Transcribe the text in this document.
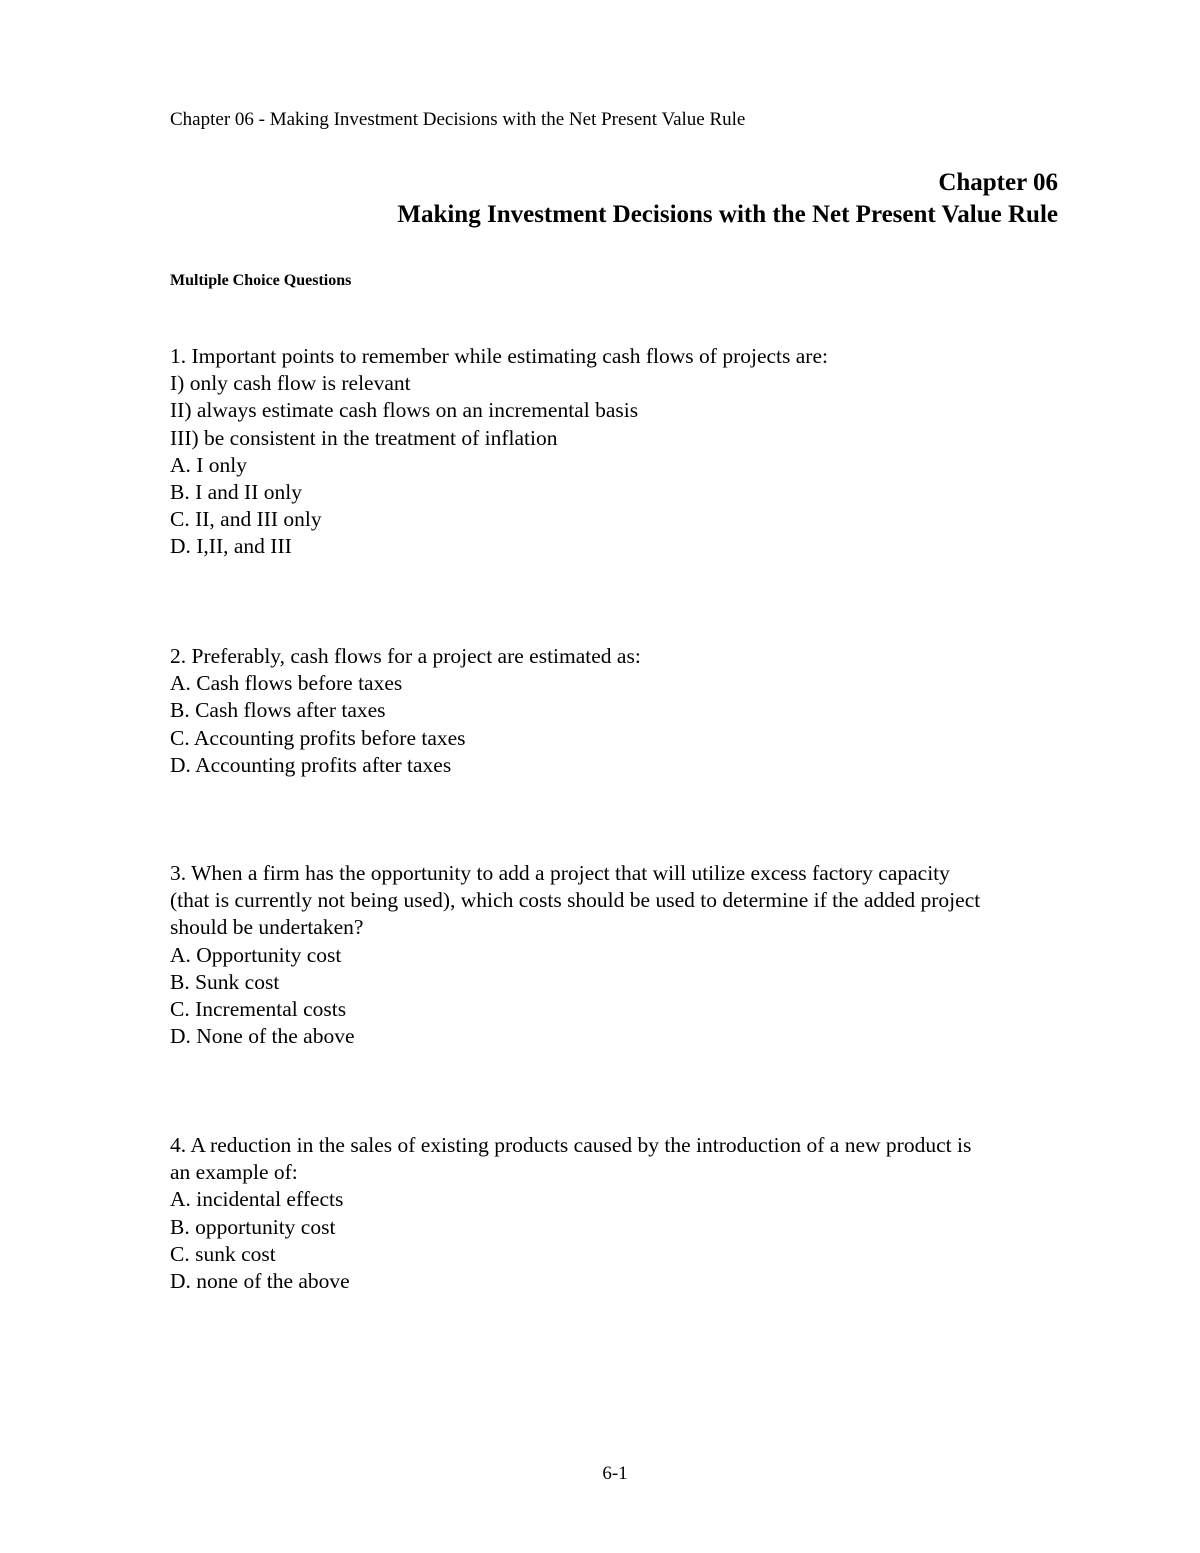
Chapter 06 - Making Investment Decisions with the Net Present Value Rule
Chapter 06
Making Investment Decisions with the Net Present Value Rule
Multiple Choice Questions
1. Important points to remember while estimating cash flows of projects are:
I) only cash flow is relevant
II) always estimate cash flows on an incremental basis
III) be consistent in the treatment of inflation
A. I only
B. I and II only
C. II, and III only
D. I,II, and III
2. Preferably, cash flows for a project are estimated as:
A. Cash flows before taxes
B. Cash flows after taxes
C. Accounting profits before taxes
D. Accounting profits after taxes
3. When a firm has the opportunity to add a project that will utilize excess factory capacity
(that is currently not being used), which costs should be used to determine if the added project
should be undertaken?
A. Opportunity cost
B. Sunk cost
C. Incremental costs
D. None of the above
4. A reduction in the sales of existing products caused by the introduction of a new product is
an example of:
A. incidental effects
B. opportunity cost
C. sunk cost
D. none of the above
6-1
